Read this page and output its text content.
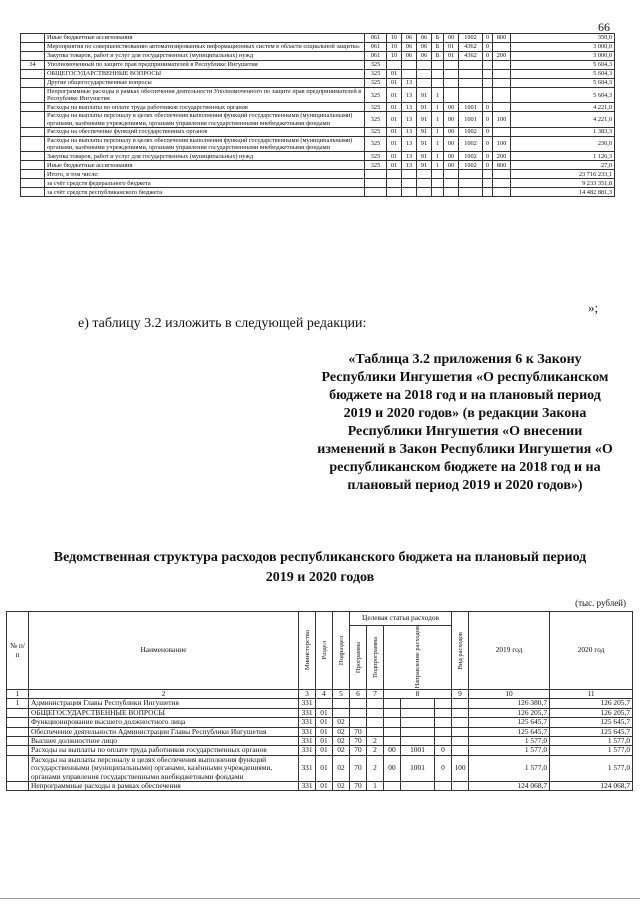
66
	Иные бюджетные ассигнования	061	10	06	06	Б	00	1002	0	800	350,0
	Мероприятия по совершенствованию автоматизированных информационных систем в области социальной защиты»	061	10	06	06	Б	01	4362	0		3 000,0
	Закупка товаров, работ и услуг для государственных (муниципальных) нужд	061	10	06	06	Б	01	4362	0	200	3 000,0
34	Уполномоченный по защите прав предпринимателей в Республике Ингушетия	325									5 604,3
	ОБЩЕГОСУДАРСТВЕННЫЕ ВОПРОСЫ	325	01								5 604,3
	Другие общегосударственные вопросы	325	01	13							5 604,3
	Непрограммные расходы в рамках обеспечения деятельности Уполномоченного по защите прав предпринимателей в Республике Ингушетия	325	01	13	91	1					5 604,3
	Расходы на выплаты по оплате труда работников государственных органов	325	01	13	91	1	00	1001	0		4 221,0
	Расходы на выплаты персоналу в целях обеспечения выполнения функций государственными (муниципальными) органами, казёнными учреждениями, органами управления государственными внебюджетными фондами	325	01	13	91	1	00	1001	0	100	4 221,0
	Расходы на обеспечение функций государственных органов	325	01	13	91	1	00	1002	0		1 383,3
	Расходы на выплаты персоналу в целях обеспечения выполнения функций государственными (муниципальными) органами, казёнными учреждениями, органами управления государственными внебюджетными фондами	325	01	13	91	1	00	1002	0	100	230,0
	Закупка товаров, работ и услуг для государственных (муниципальных) нужд	325	01	13	91	1	00	1002	0	200	1 126,3
	Иные бюджетные ассигнования	325	01	13	91	1	00	1002	0	800	27,0
	Итого, в том числе:										23 716 233,1
	за счёт средств федерального бюджета										9 233 351,8
	за счёт средств республиканского бюджета										14 482 881,3
»;
е) таблицу 3.2 изложить в следующей редакции:
«Таблица 3.2 приложения 6 к Закону Республики Ингушетия «О республиканском бюджете на 2018 год и на плановый период 2019 и 2020 годов» (в редакции Закона Республики Ингушетия «О внесении изменений в Закон Республики Ингушетия «О республиканском бюджете на 2018 год и на плановый период 2019 и 2020 годов»)
Ведомственная структура расходов республиканского бюджета на плановый период 2019 и 2020 годов
(тыс. рублей)
№ п/п	Наименование	Министерство	Раздел	Подраздел	Целевая статья расходов					Вид расходов	2019 год	2020 год

					Программа	Подпрограмма	Направление расходов					

1	2	3	4	5	6	7	8			9	10	11
1	Администрация Главы Республики Ингушетия	331									126 380,7	126 205,7
	ОБЩЕГОСУДАРСТВЕННЫЕ ВОПРОСЫ	331	01								126 205,7	126 205,7
	Функционирование высшего должностного лица	331	01	02							125 645,7	125 645,7
	Обеспечение деятельности Администрации Главы Республики Ингушетия	331	01	02	70						125 645,7	125 645,7
	Высшее должностное лицо	331	01	02	70	2					1 577,0	1 577,0
	Расходы на выплаты по оплате труда работников государственных органов	331	01	02	70	2	00	1001	0		1 577,0	1 577,0
	Расходы на выплаты персоналу в целях обеспечения выполнения функций государственными (муниципальными) органами, казёнными учреждениями, органами управления государственными внебюджетными фондами	331	01	02	70	2	00	1001	0	100	1 577,0	1 577,0
	Непрограммные расходы в рамках обеспечения	331	01	02	70	1					124 068,7	124 068,7
